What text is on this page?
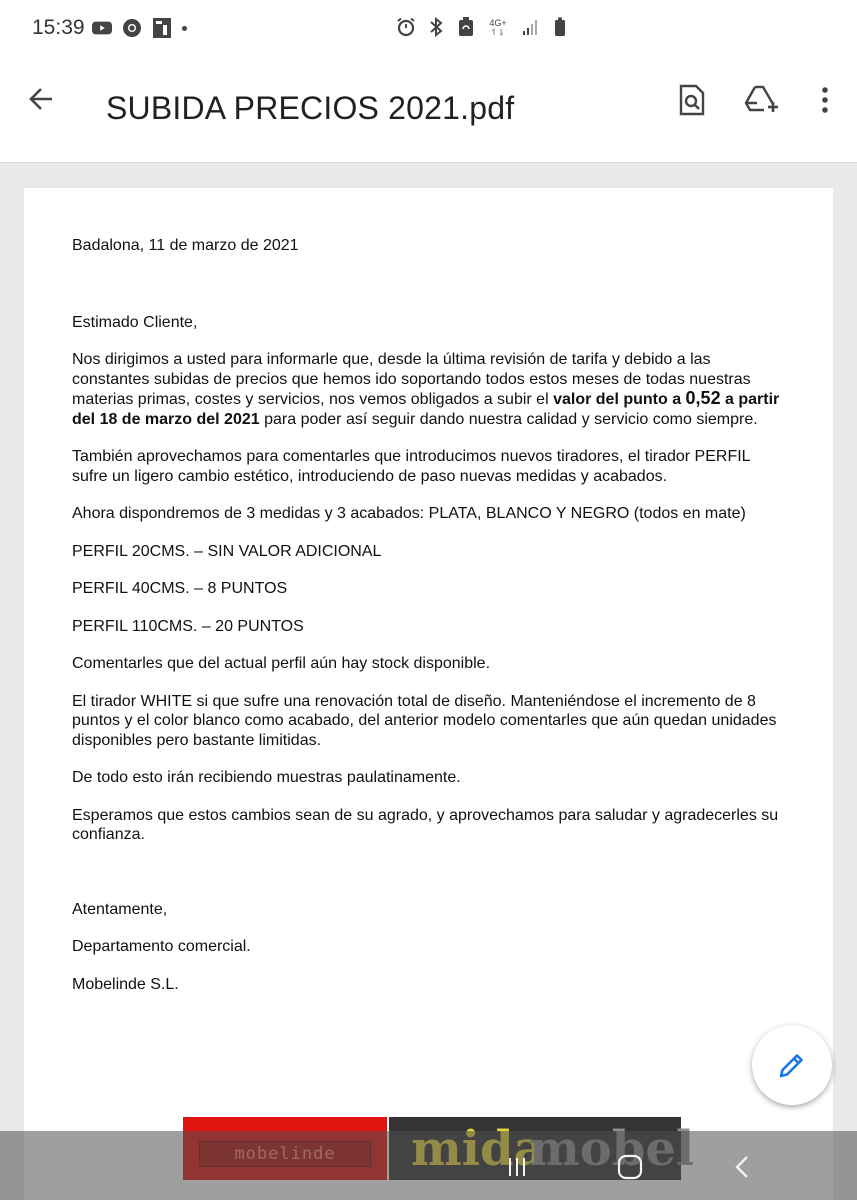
15:39	4G+
SUBIDA PRECIOS 2021.pdf

Badalona, 11 de marzo de 2021

Estimado Cliente,

Nos dirigimos a usted para informarle que, desde la última revisión de tarifa y debido a las constantes subidas de precios que hemos ido soportando todos estos meses de todas nuestras materias primas, costes y servicios, nos vemos obligados a subir el valor del punto a 0,52 a partir del 18 de marzo del 2021 para poder así seguir dando nuestra calidad y servicio como siempre.

También aprovechamos para comentarles que introducimos nuevos tiradores, el tirador PERFIL sufre un ligero cambio estético, introduciendo de paso nuevas medidas y acabados.

Ahora dispondremos de 3 medidas y 3 acabados: PLATA, BLANCO Y NEGRO (todos en mate)

PERFIL 20CMS. – SIN VALOR ADICIONAL

PERFIL 40CMS. – 8 PUNTOS

PERFIL 110CMS. – 20 PUNTOS

Comentarles que del actual perfil aún hay stock disponible.

El tirador WHITE si que sufre una renovación total de diseño. Manteniéndose el incremento de 8 puntos y el color blanco como acabado, del anterior modelo comentarles que aún quedan unidades disponibles pero bastante limitidas.

De todo esto irán recibiendo muestras paulatinamente.

Esperamos que estos cambios sean de su agrado, y aprovechamos para saludar y agradecerles su confianza.

Atentamente,

Departamento comercial.

Mobelinde S.L.
